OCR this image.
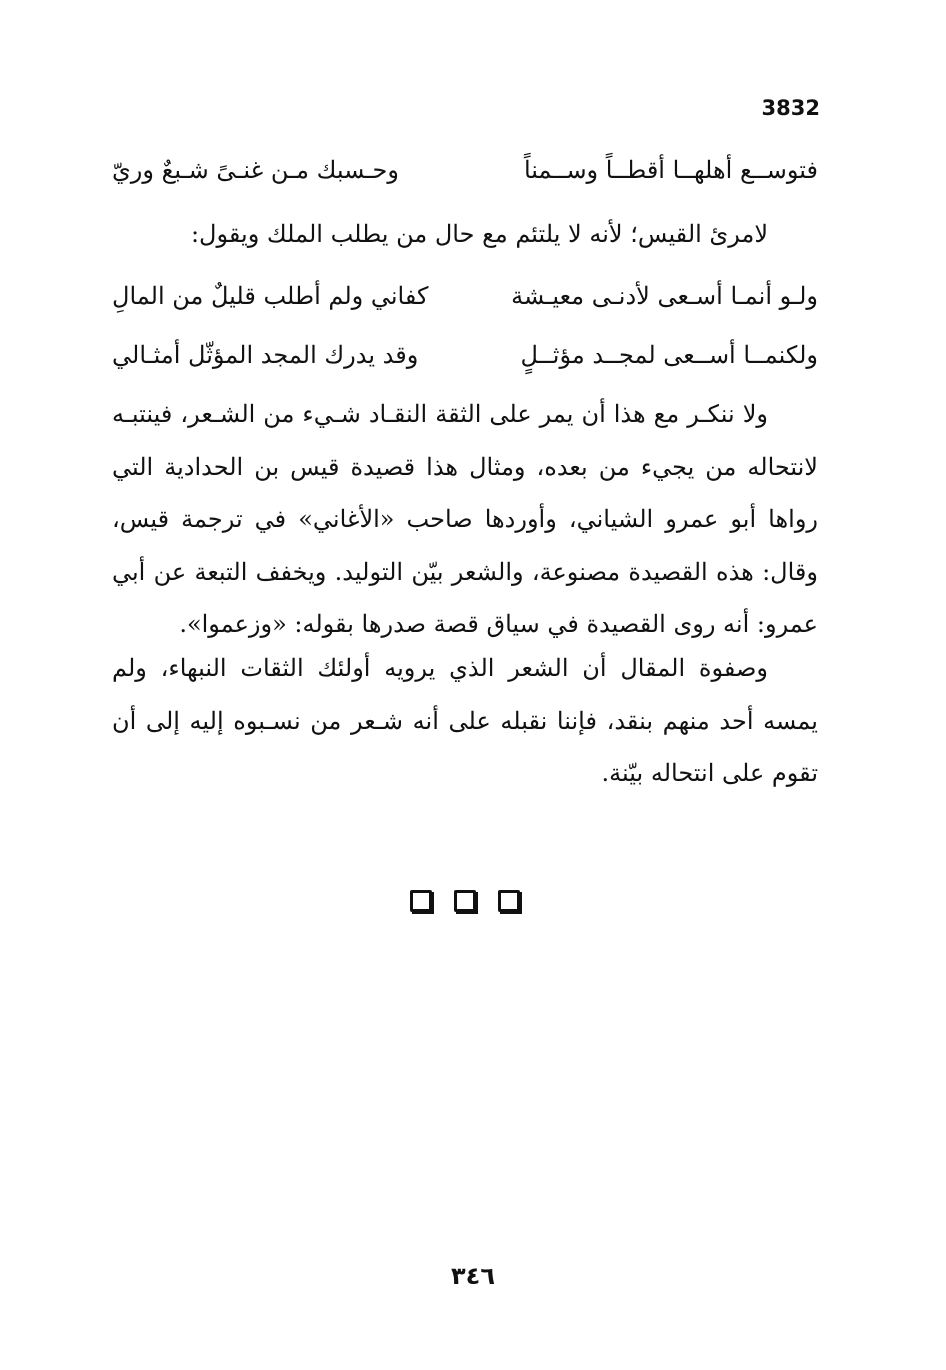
3832
فتوســع أهلهــا أقطــاً وســمناً
وحـسبك مـن غنـىً شـبعٌ وريّ

لامرئ القيس؛ لأنه لا يلتئم مع حال من يطلب الملك ويقول:

ولـو أنمـا أسـعى لأدنـى معيـشة
كفاني ولم أطلب قليلٌ من المالِ
ولكنمــا أســعى لمجــد مؤثــلٍ
وقد يدرك المجد المؤثّل أمثـالي

ولا ننكـر مع هذا أن يمر على الثقة النقـاد شـيء من الشـعر، فينتبـه لانتحاله من يجيء من بعده، ومثال هذا قصيدة قيس بن الحدادية التي رواها أبو عمرو الشياني، وأوردها صاحب «الأغاني» في ترجمة قيس، وقال: هذه القصيدة مصنوعة، والشعر بيّن التوليد. ويخفف التبعة عن أبي عمرو: أنه روى القصيدة في سياق قصة صدرها بقوله: «وزعموا».

وصفوة المقال أن الشعر الذي يرويه أولئك الثقات النبهاء، ولم يمسه أحد منهم بنقد، فإننا نقبله على أنه شـعر من نسـبوه إليه إلى أن تقوم على انتحاله بيّنة.

٣٤٦
